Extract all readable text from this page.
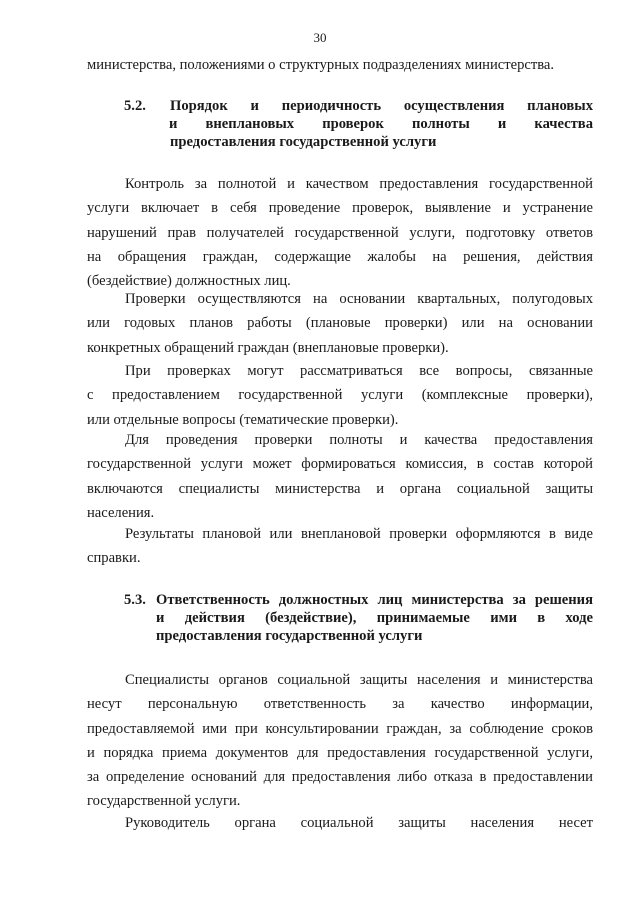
30
министерства, положениями о структурных подразделениях министерства.
5.2. Порядок и периодичность осуществления плановых
и внеплановых проверок полноты и качества
предоставления государственной услуги
Контроль за полнотой и качеством предоставления государственной
услуги включает в себя проведение проверок, выявление и устранение
нарушений прав получателей государственной услуги, подготовку ответов
на обращения граждан, содержащие жалобы на решения, действия
(бездействие) должностных лиц.
Проверки осуществляются на основании квартальных, полугодовых
или годовых планов работы (плановые проверки) или на основании
конкретных обращений граждан (внеплановые проверки).
При проверках могут рассматриваться все вопросы, связанные
с предоставлением государственной услуги (комплексные проверки),
или отдельные вопросы (тематические проверки).
Для проведения проверки полноты и качества предоставления
государственной услуги может формироваться комиссия, в состав которой
включаются специалисты министерства и органа социальной защиты
населения.
Результаты плановой или внеплановой проверки оформляются в виде
справки.
5.3. Ответственность должностных лиц министерства за решения
и действия (бездействие), принимаемые ими в ходе
предоставления государственной услуги
Специалисты органов социальной защиты населения и министерства
несут персональную ответственность за качество информации,
предоставляемой ими при консультировании граждан, за соблюдение сроков
и порядка приема документов для предоставления государственной услуги,
за определение оснований для предоставления либо отказа в предоставлении
государственной услуги.
Руководитель органа социальной защиты населения несет
